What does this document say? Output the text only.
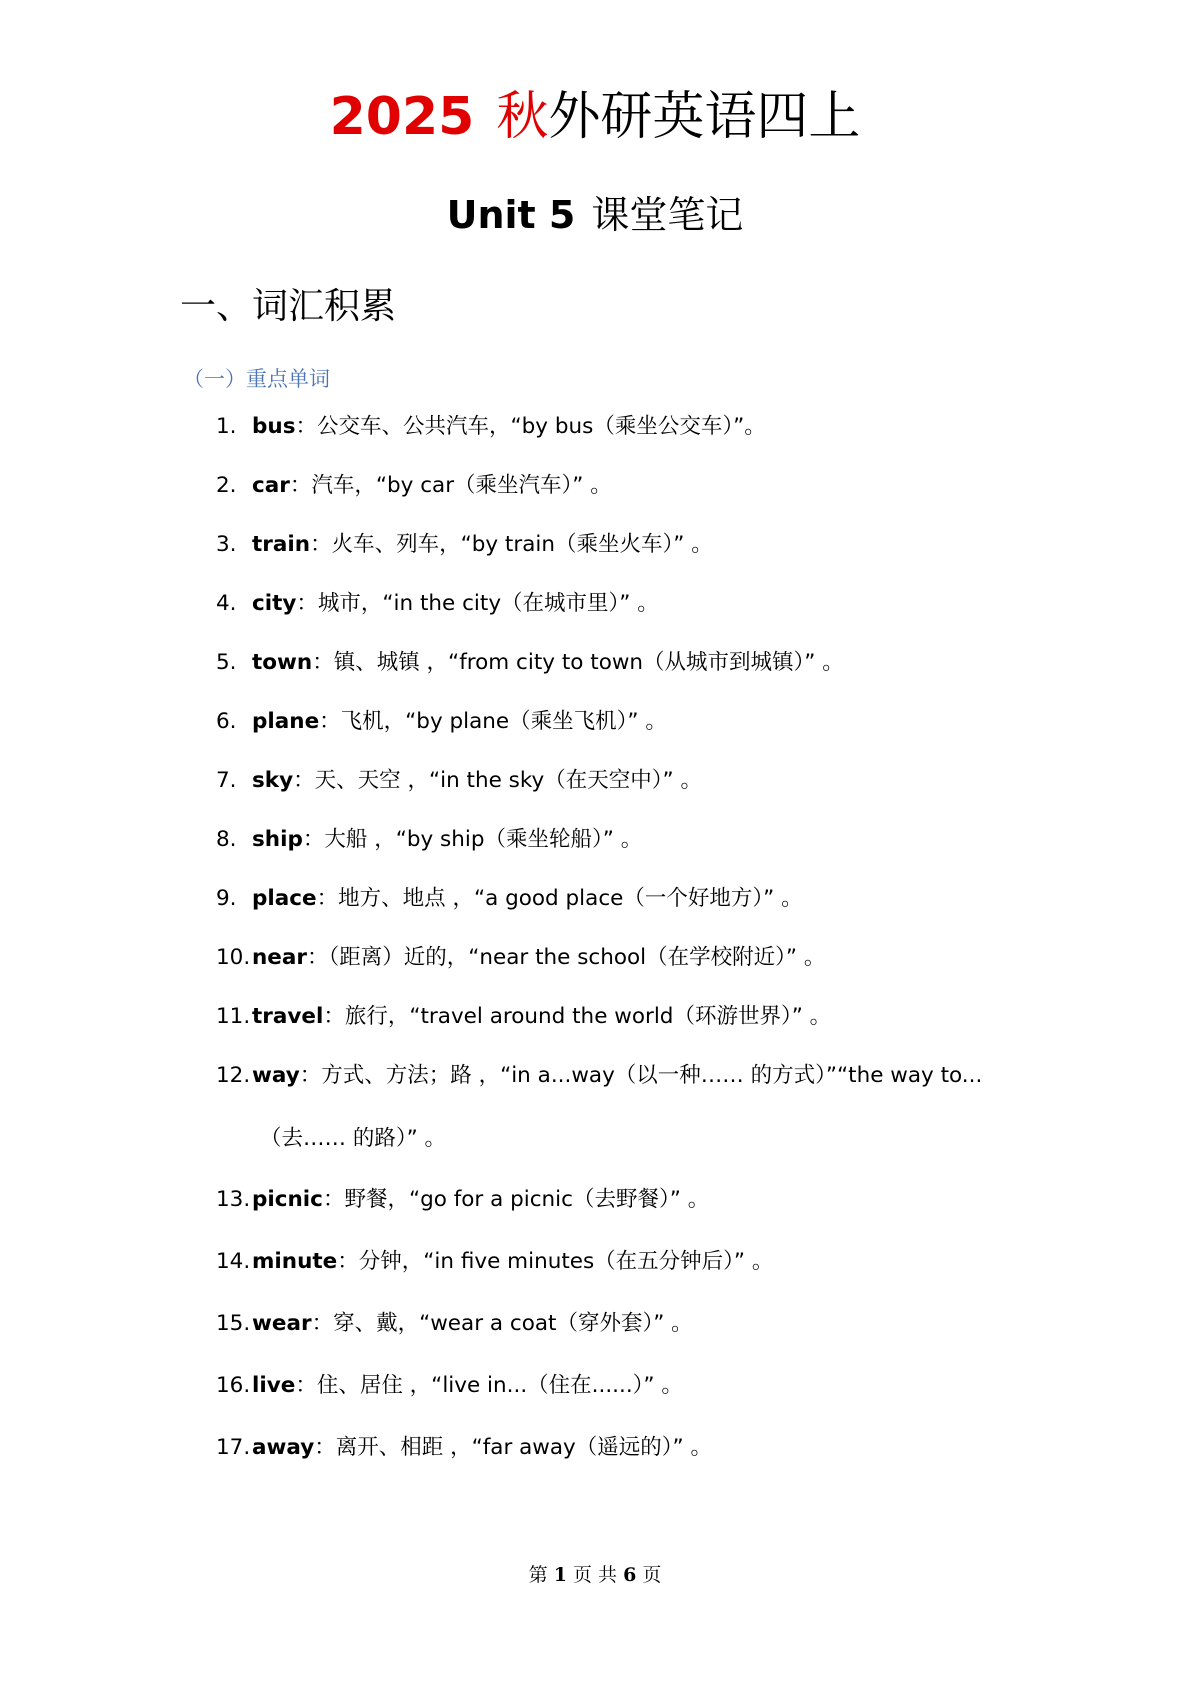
2025 秋外研英语四上
Unit 5 课堂笔记
一、词汇积累
（一）重点单词
1. bus：公交车、公共汽车，“by bus（乘坐公交车）”。
2. car：汽车，“by car（乘坐汽车）” 。
3. train：火车、列车，“by train（乘坐火车）” 。
4. city：城市，“in the city（在城市里）” 。
5. town：镇、城镇 ，“from city to town（从城市到城镇）” 。
6. plane：飞机，“by plane（乘坐飞机）” 。
7. sky：天、天空 ，“in the sky（在天空中）” 。
8. ship：大船 ，“by ship（乘坐轮船）” 。
9. place：地方、地点 ，“a good place（一个好地方）” 。
10.near：（距离）近的，“near the school（在学校附近）” 。
11.travel：旅行，“travel around the world（环游世界）” 。
12.way：方式、方法；路 ，“in a...way（以一种…… 的方式）”“the way to...
（去…… 的路）” 。
13.picnic：野餐，“go for a picnic（去野餐）” 。
14.minute：分钟，“in five minutes（在五分钟后）” 。
15.wear：穿、戴，“wear a coat（穿外套）” 。
16.live：住、居住 ，“live in...（住在......）” 。
17.away：离开、相距 ，“far away（遥远的）” 。
第 1 页 共 6 页
